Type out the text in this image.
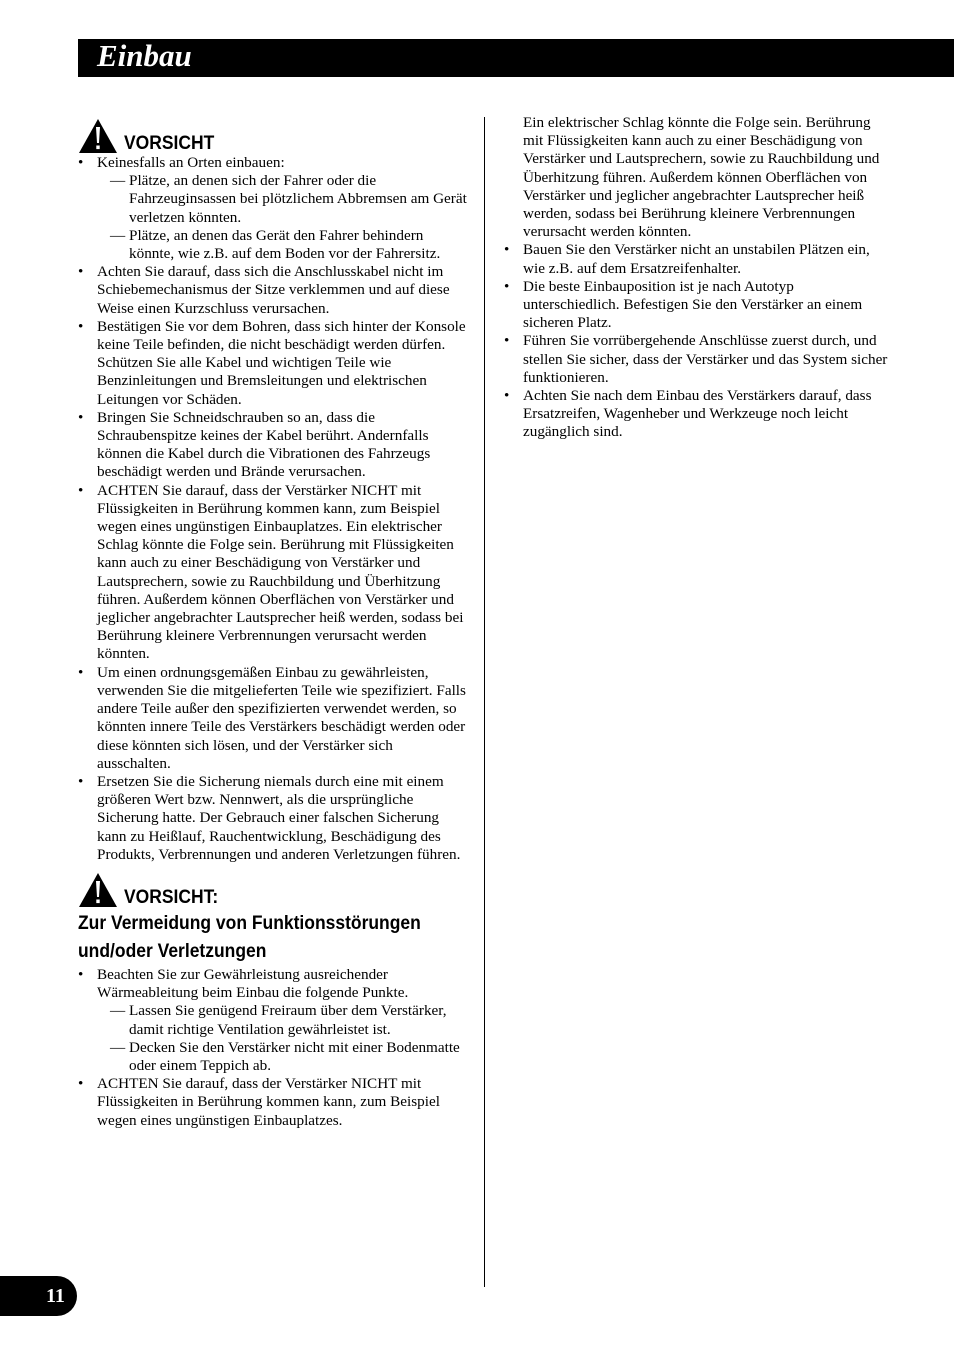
Einbau
VORSICHT
• Keinesfalls an Orten einbauen:
— Plätze, an denen sich der Fahrer oder die Fahrzeuginsassen bei plötzlichem Abbremsen am Gerät verletzen könnten.
— Plätze, an denen das Gerät den Fahrer behindern könnte, wie z.B. auf dem Boden vor der Fahrersitz.
• Achten Sie darauf, dass sich die Anschlusskabel nicht im Schiebemechanismus der Sitze verklemmen und auf diese Weise einen Kurzschluss verursachen.
• Bestätigen Sie vor dem Bohren, dass sich hinter der Konsole keine Teile befinden, die nicht beschädigt werden dürfen. Schützen Sie alle Kabel und wichtigen Teile wie Benzinleitungen und Bremsleitungen und elektrischen Leitungen vor Schäden.
• Bringen Sie Schneidschrauben so an, dass die Schraubenspitze keines der Kabel berührt. Andernfalls können die Kabel durch die Vibrationen des Fahrzeugs beschädigt werden und Brände verursachen.
• ACHTEN Sie darauf, dass der Verstärker NICHT mit Flüssigkeiten in Berührung kommen kann, zum Beispiel wegen eines ungünstigen Einbauplatzes. Ein elektrischer Schlag könnte die Folge sein. Berührung mit Flüssigkeiten kann auch zu einer Beschädigung von Verstärker und Lautsprechern, sowie zu Rauchbildung und Überhitzung führen. Außerdem können Oberflächen von Verstärker und jeglicher angebrachter Lautsprecher heiß werden, sodass bei Berührung kleinere Verbrennungen verursacht werden könnten.
• Um einen ordnungsgemäßen Einbau zu gewährleisten, verwenden Sie die mitgelieferten Teile wie spezifiziert. Falls andere Teile außer den spezifizierten verwendet werden, so könnten innere Teile des Verstärkers beschädigt werden oder diese könnten sich lösen, und der Verstärker sich ausschalten.
• Ersetzen Sie die Sicherung niemals durch eine mit einem größeren Wert bzw. Nennwert, als die ursprüngliche Sicherung hatte. Der Gebrauch einer falschen Sicherung kann zu Heißlauf, Rauchentwicklung, Beschädigung des Produkts, Verbrennungen und anderen Verletzungen führen.
VORSICHT:
Zur Vermeidung von Funktionsstörungen und/oder Verletzungen
• Beachten Sie zur Gewährleistung ausreichender Wärmeableitung beim Einbau die folgende Punkte.
— Lassen Sie genügend Freiraum über dem Verstärker, damit richtige Ventilation gewährleistet ist.
— Decken Sie den Verstärker nicht mit einer Bodenmatte oder einem Teppich ab.
• ACHTEN Sie darauf, dass der Verstärker NICHT mit Flüssigkeiten in Berührung kommen kann, zum Beispiel wegen eines ungünstigen Einbauplatzes.

Ein elektrischer Schlag könnte die Folge sein. Berührung mit Flüssigkeiten kann auch zu einer Beschädigung von Verstärker und Lautsprechern, sowie zu Rauchbildung und Überhitzung führen. Außerdem können Oberflächen von Verstärker und jeglicher angebrachter Lautsprecher heiß werden, sodass bei Berührung kleinere Verbrennungen verursacht werden könnten.

• Bauen Sie den Verstärker nicht an unstabilen Plätzen ein, wie z.B. auf dem Ersatzreifenhalter.
• Die beste Einbauposition ist je nach Autotyp unterschiedlich. Befestigen Sie den Verstärker an einem sicheren Platz.
• Führen Sie vorrübergehende Anschlüsse zuerst durch, und stellen Sie sicher, dass der Verstärker und das System sicher funktionieren.
• Achten Sie nach dem Einbau des Verstärkers darauf, dass Ersatzreifen, Wagenheber und Werkzeuge noch leicht zugänglich sind.
11
